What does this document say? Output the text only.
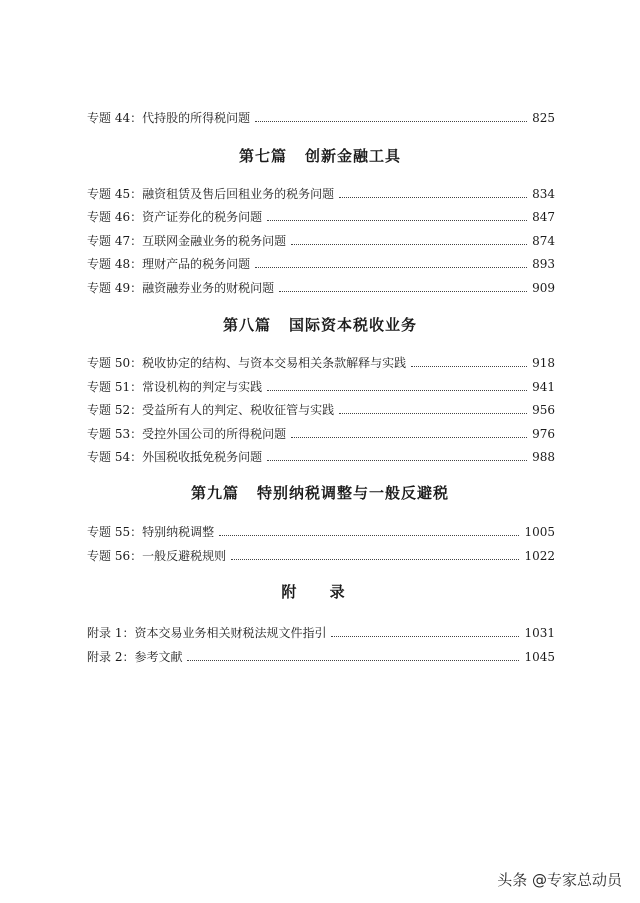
专题 44：代持股的所得税问题	825
第七篇 创新金融工具
专题 45：融资租赁及售后回租业务的税务问题	834
专题 46：资产证券化的税务问题	847
专题 47：互联网金融业务的税务问题	874
专题 48：理财产品的税务问题	893
专题 49：融资融券业务的财税问题	909
第八篇 国际资本税收业务
专题 50：税收协定的结构、与资本交易相关条款解释与实践	918
专题 51：常设机构的判定与实践	941
专题 52：受益所有人的判定、税收征管与实践	956
专题 53：受控外国公司的所得税问题	976
专题 54：外国税收抵免税务问题	988
第九篇 特别纳税调整与一般反避税
专题 55：特别纳税调整	1005
专题 56：一般反避税规则	1022
附 录
附录 1：资本交易业务相关财税法规文件指引	1031
附录 2：参考文献	1045
头条 @专家总动员
